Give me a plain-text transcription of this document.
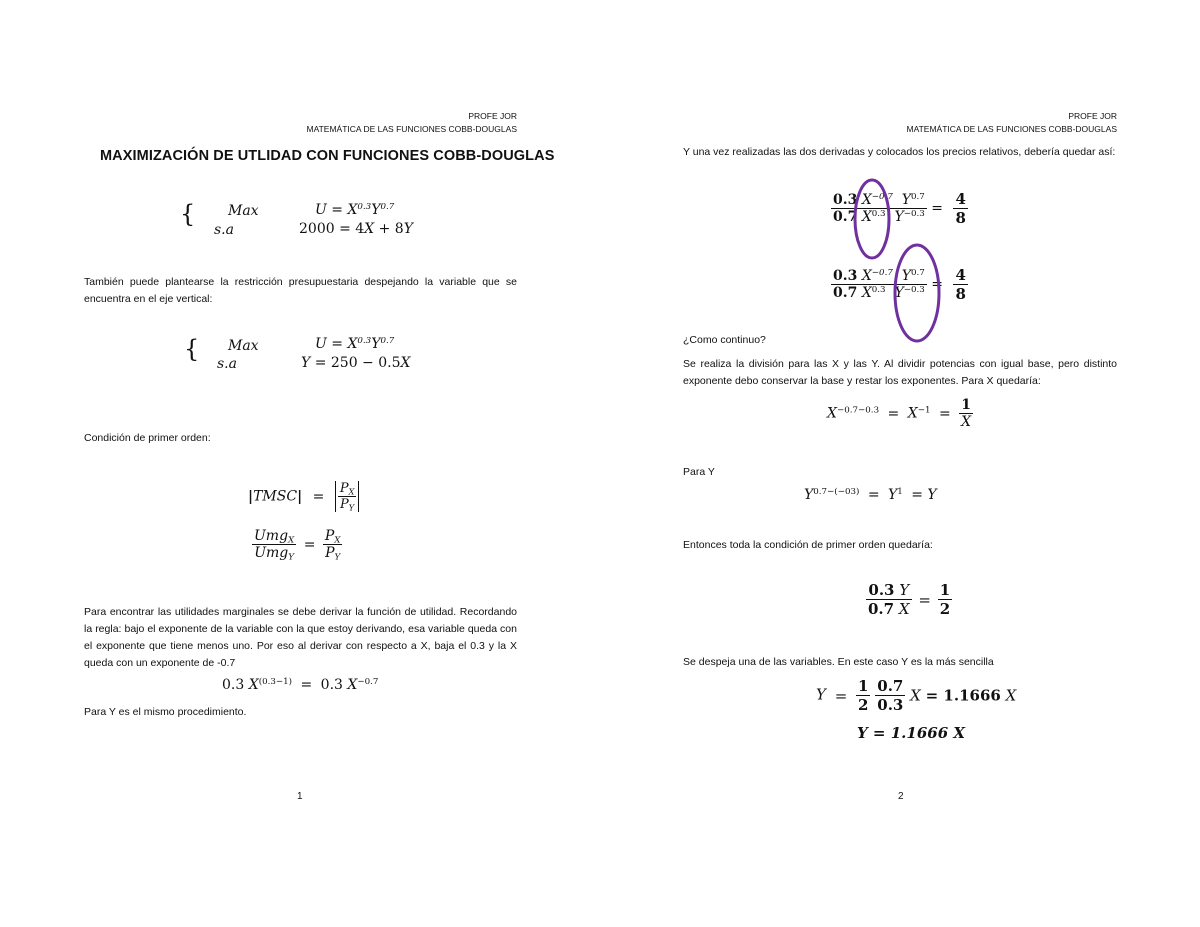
PROFE JOR
MATEMÁTICA DE LAS FUNCIONES COBB-DOUGLAS
MAXIMIZACIÓN DE UTLIDAD CON FUNCIONES COBB-DOUGLAS
{ Max
s.a
$U = X^{0.3}Y^{0.7}$
2000 = 4X + 8Y
También puede plantearse la restricción presupuestaria despejando la variable que se
encuentra en el eje vertical:
{ Max
s.a
$U = X^{0.3}Y^{0.7}$
Y = 250 − 0.5X
Condición de primer orden:
|TMSC| = $\frac{P_X}{P_Y}$
$\frac{Umg_X}{Umg_Y} = \frac{P_X}{P_Y}$
Para encontrar las utilidades marginales se debe derivar la función de utilidad. Recordando
la regla: bajo el exponente de la variable con la que estoy derivando, esa variable queda con
el exponente que tiene menos uno. Por eso al derivar con respecto a X, baja el 0.3 y la X
queda con un exponente de -0.7
0.3 $X^{(0.3-1)} = 0.3$ $X^{-0.7}$
Para Y es el mismo procedimiento.
1
PROFE JOR
MATEMÁTICA DE LAS FUNCIONES COBB-DOUGLAS
Y una vez realizadas las dos derivadas y colocados los precios relativos, debería quedar así:
$\frac{0.3 X^{-0.7} Y^{0.7}}{0.7 X^{0.3} Y^{-0.3}} = \frac{4}{8}$
$\frac{0.3 X^{-0.7} Y^{0.7}}{0.7 X^{0.3} Y^{-0.3}} = \frac{4}{8}$
¿Como continuo?
Se realiza la división para las X y las Y. Al dividir potencias con igual base, pero distinto
exponente debo conservar la base y restar los exponentes. Para X quedaría:
$X^{-0.7-0.3} = X^{-1} = \frac{1}{X}$
Para Y
$Y^{0.7-(-03)} = Y^1 = Y$
Entonces toda la condición de primer orden quedaría:
$\frac{0.3 Y}{0.7 X} = \frac{1}{2}$
Se despeja una de las variables. En este caso Y es la más sencilla
$Y = \frac{1}{2}$
$\frac{0.7}{0.3}$ X = 1.1666 X
Y = 1.1666 X
2
